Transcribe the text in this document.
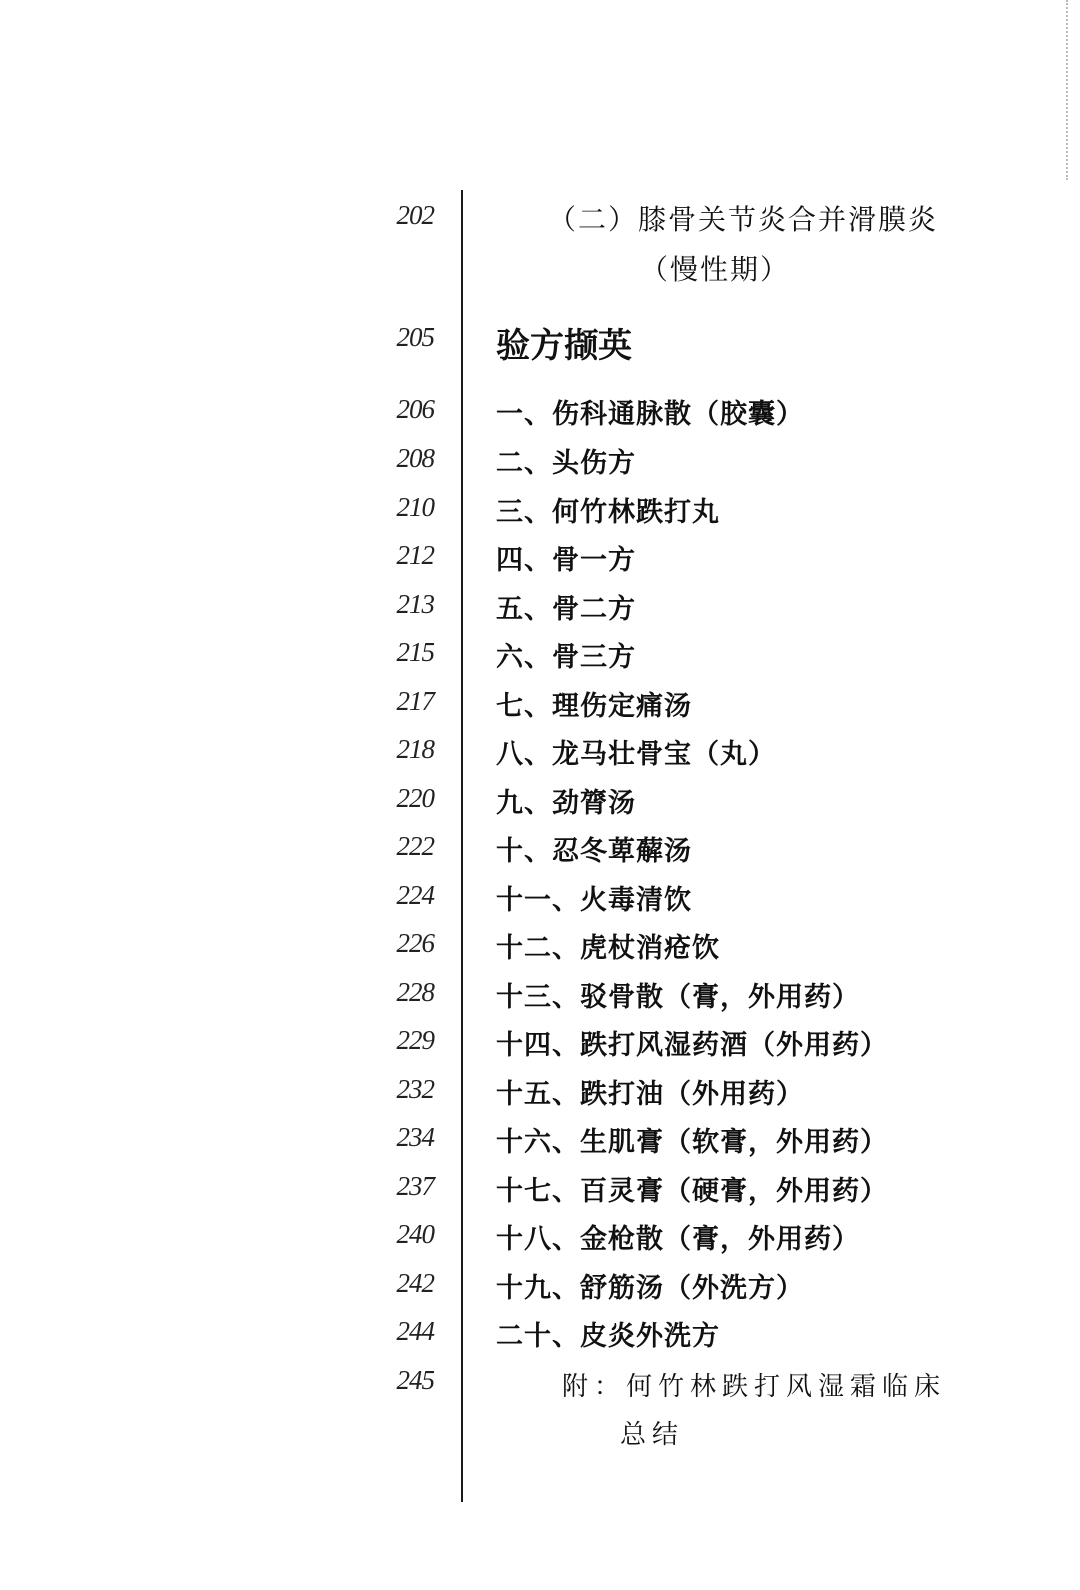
202	（二）膝骨关节炎合并滑膜炎
（慢性期）
205 验方撷英
206 一、伤科通脉散（胶囊）
208 二、头伤方
210 三、何竹林跌打丸
212 四、骨一方
213 五、骨二方
215 六、骨三方
217 七、理伤定痛汤
218 八、龙马壮骨宝（丸）
220 九、劲膂汤
222 十、忍冬萆薢汤
224 十一、火毒清饮
226 十二、虎杖消疮饮
228 十三、驳骨散（膏，外用药）
229 十四、跌打风湿药酒（外用药）
232 十五、跌打油（外用药）
234 十六、生肌膏（软膏，外用药）
237 十七、百灵膏（硬膏，外用药）
240 十八、金枪散（膏，外用药）
242 十九、舒筋汤（外洗方）
244 二十、皮炎外洗方
245	附：何竹林跌打风湿霜临床
总结
